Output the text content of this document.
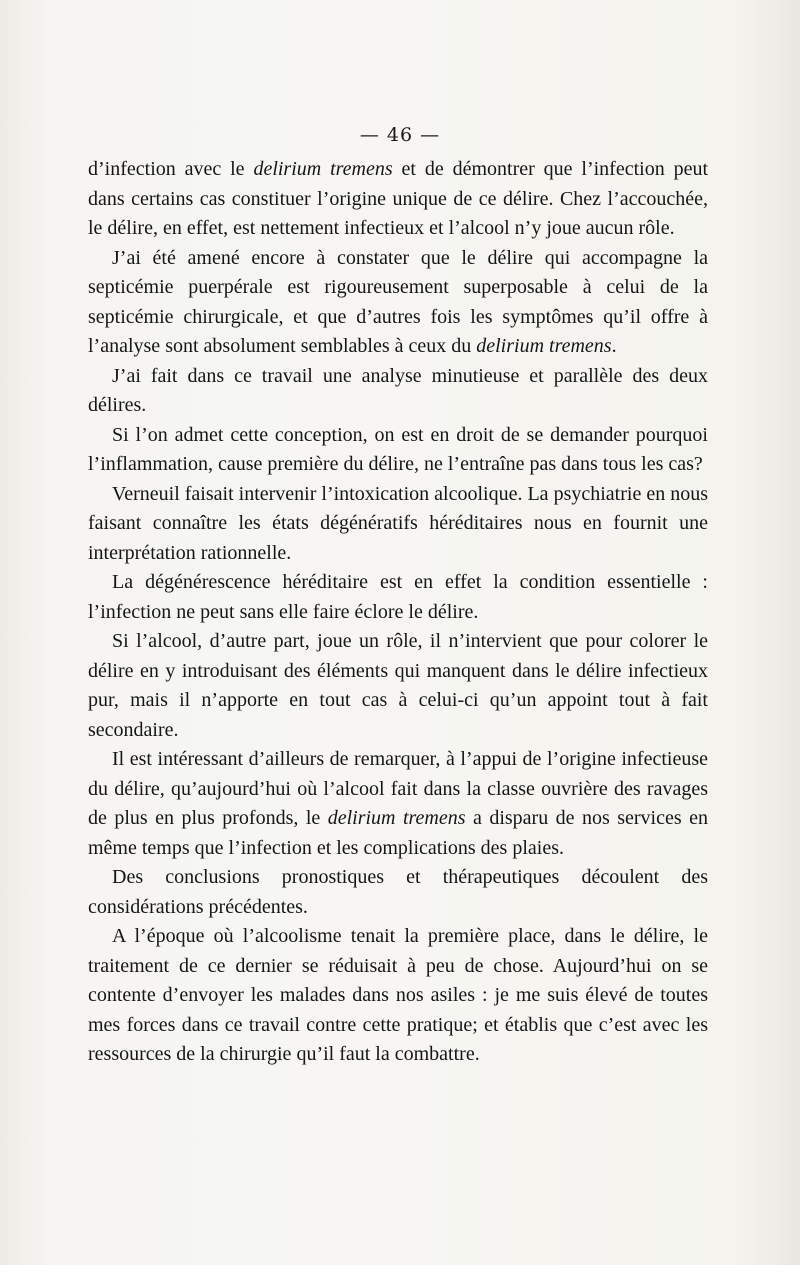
— 46 —

d’infection avec le delirium tremens et de démontrer que l’infection peut dans certains cas constituer l’origine unique de ce délire. Chez l’accouchée, le délire, en effet, est nettement infectieux et l’alcool n’y joue aucun rôle.

J’ai été amené encore à constater que le délire qui accompagne la septicémie puerpérale est rigoureusement superposable à celui de la septicémie chirurgicale, et que d’autres fois les symptômes qu’il offre à l’analyse sont absolument semblables à ceux du delirium tremens.

J’ai fait dans ce travail une analyse minutieuse et parallèle des deux délires.

Si l’on admet cette conception, on est en droit de se demander pourquoi l’inflammation, cause première du délire, ne l’entraîne pas dans tous les cas?

Verneuil faisait intervenir l’intoxication alcoolique. La psychiatrie en nous faisant connaître les états dégénératifs héréditaires nous en fournit une interprétation rationnelle.

La dégénérescence héréditaire est en effet la condition essentielle : l’infection ne peut sans elle faire éclore le délire.

Si l’alcool, d’autre part, joue un rôle, il n’intervient que pour colorer le délire en y introduisant des éléments qui manquent dans le délire infectieux pur, mais il n’apporte en tout cas à celui-ci qu’un appoint tout à fait secondaire.

Il est intéressant d’ailleurs de remarquer, à l’appui de l’origine infectieuse du délire, qu’aujourd’hui où l’alcool fait dans la classe ouvrière des ravages de plus en plus profonds, le delirium tremens a disparu de nos services en même temps que l’infection et les complications des plaies.

Des conclusions pronostiques et thérapeutiques découlent des considérations précédentes.

A l’époque où l’alcoolisme tenait la première place, dans le délire, le traitement de ce dernier se réduisait à peu de chose. Aujourd’hui on se contente d’envoyer les malades dans nos asiles : je me suis élevé de toutes mes forces dans ce travail contre cette pratique; et établis que c’est avec les ressources de la chirurgie qu’il faut la combattre.
